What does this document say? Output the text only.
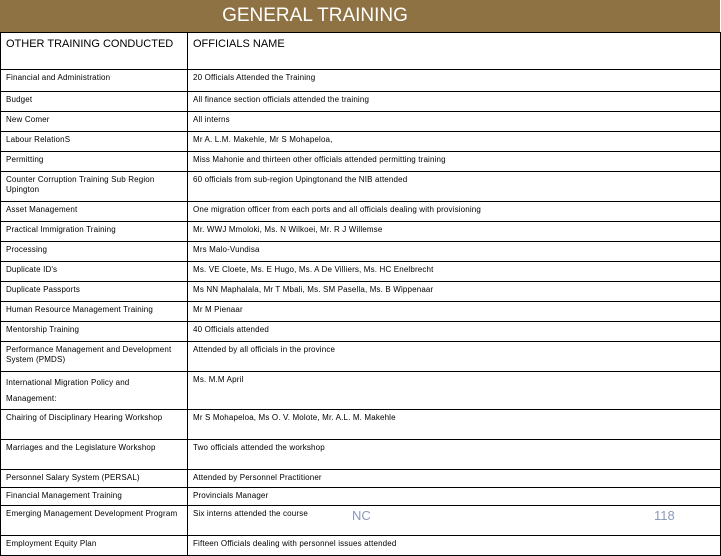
GENERAL TRAINING
OTHER TRAINING CONDUCTED	OFFICIALS NAME
Financial and Administration	20 Officials Attended the Training
Budget	All finance section officials attended the training
New Comer	All interns
Labour RelationS	Mr A. L.M. Makehle, Mr S Mohapeloa,
Permitting	Miss Mahonie and thirteen other officials attended permitting training
Counter Corruption Training Sub Region Upington	60 officials from sub-region Upingtonand the NIB attended
Asset Management	One migration officer from each ports and all officials dealing with provisioning
Practical Immigration Training	Mr. WWJ Mmoloki, Ms. N Wilkoei, Mr. R J Willemse
Processing	Mrs Malo-Vundisa
Duplicate ID's	Ms. VE Cloete, Ms. E Hugo, Ms. A De Villiers, Ms. HC Enelbrecht
Duplicate Passports	Ms NN Maphalala, Mr T Mbali, Ms. SM Pasella, Ms. B Wippenaar
Human Resource Management Training	Mr M Pienaar
Mentorship Training	40 Officials attended
Performance Management and Development System (PMDS)	Attended by all officials in the province
International Migration Policy and Management:	Ms. M.M April
Chairing of Disciplinary Hearing Workshop	Mr S Mohapeloa, Ms O. V. Molote, Mr. A.L. M. Makehle
Marriages and the Legislature Workshop	Two officials attended the workshop
Personnel Salary System (PERSAL)	Attended by Personnel Practitioner
Financial Management Training	Provincials Manager
Emerging Management Development Program	Six interns attended the course
Employment Equity Plan	Fifteen Officials dealing with personnel issues attended
NC	118
